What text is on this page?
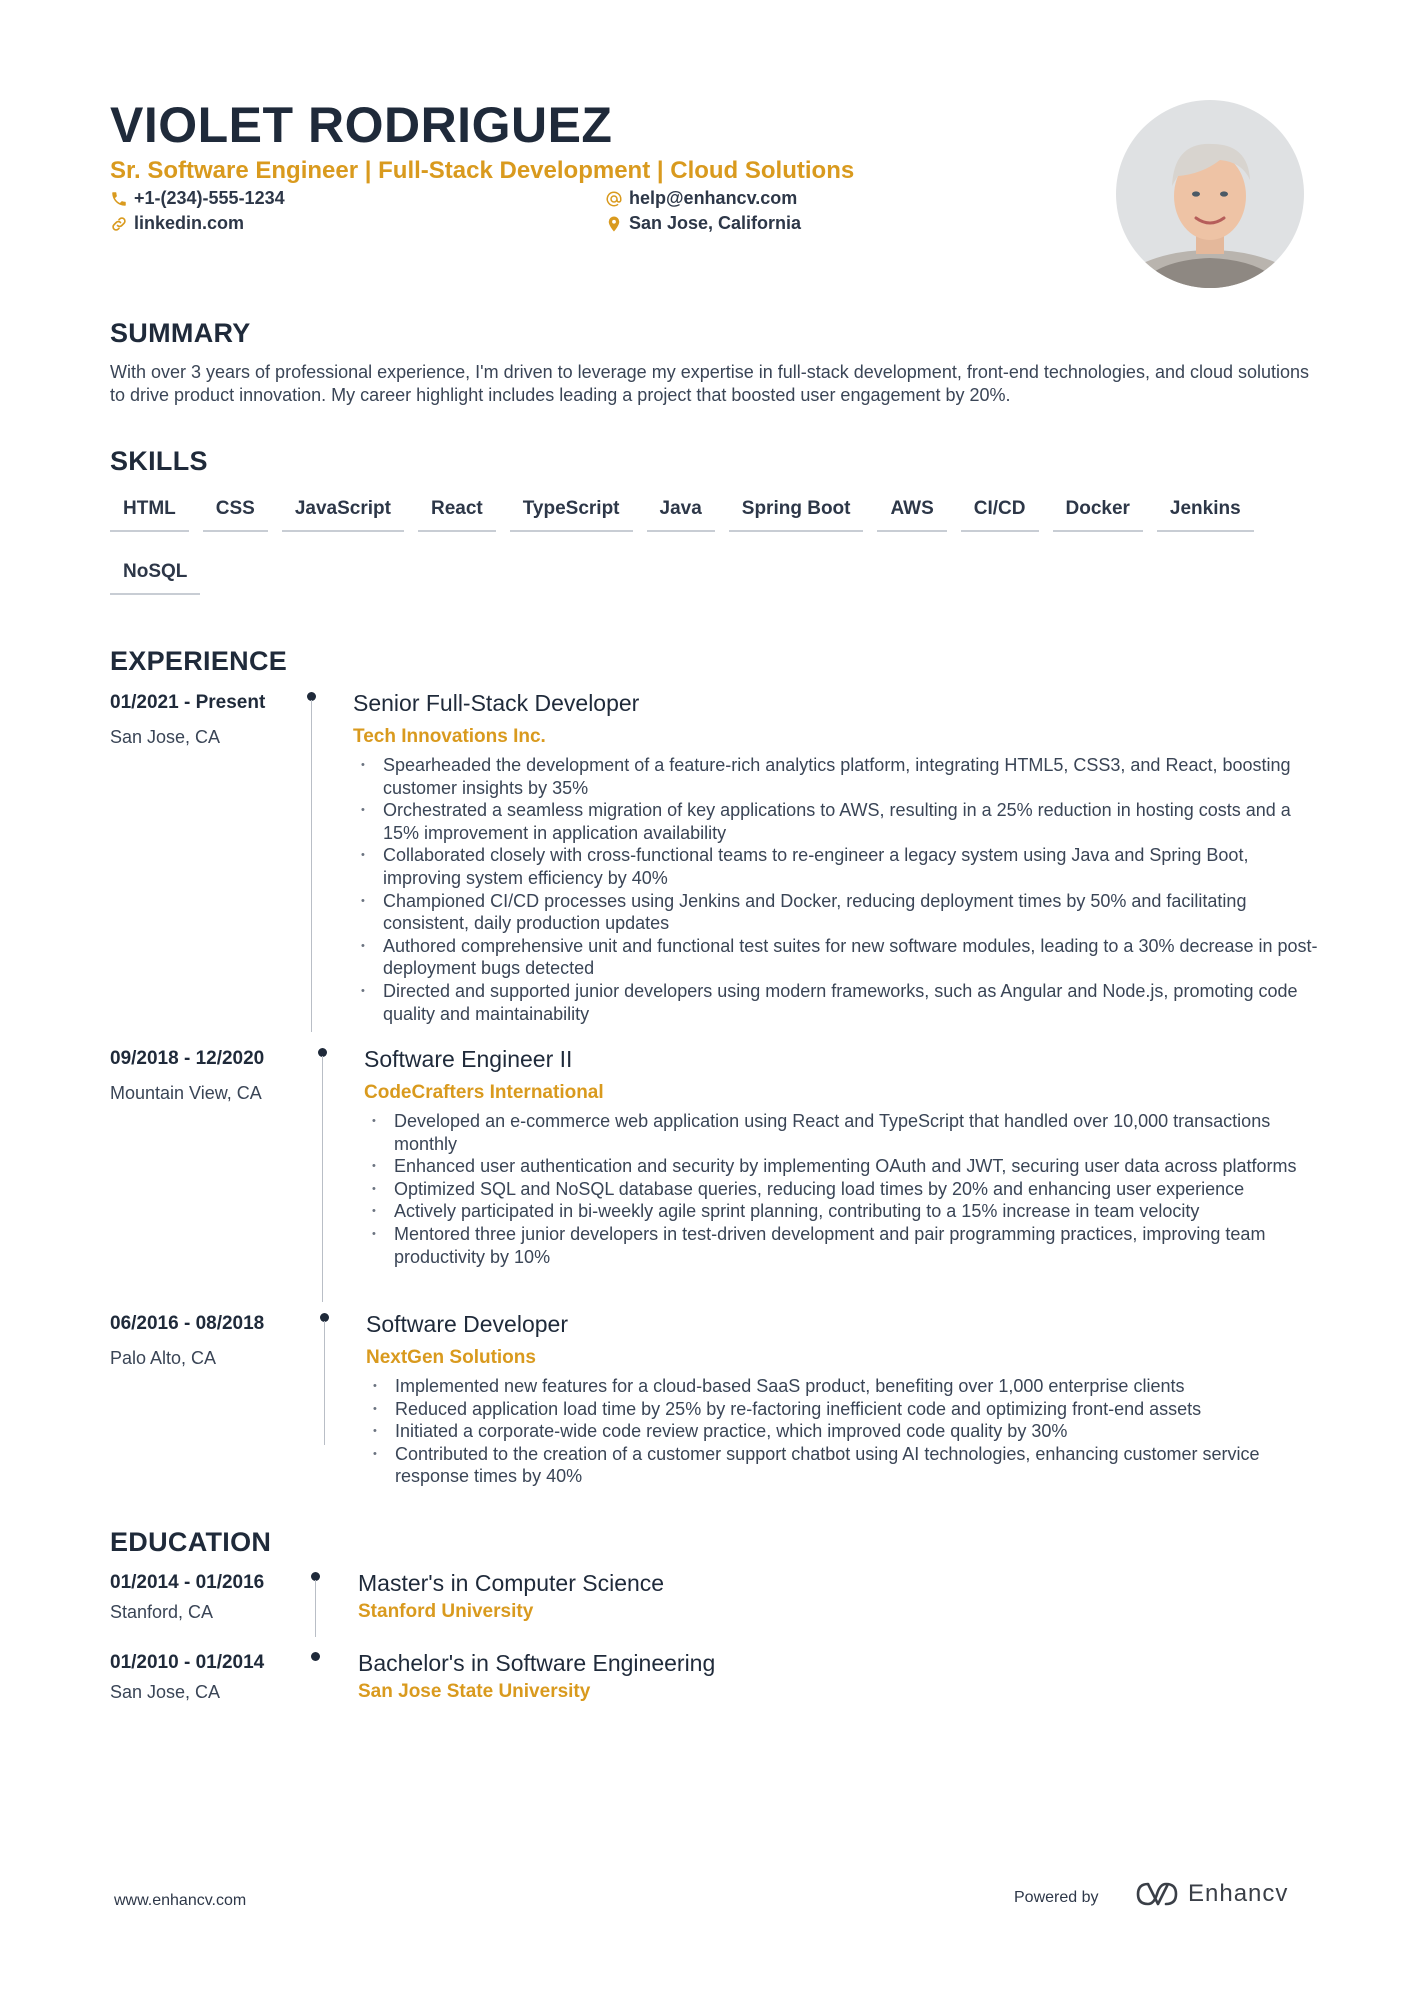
VIOLET RODRIGUEZ
Sr. Software Engineer | Full-Stack Development | Cloud Solutions
+1-(234)-555-1234
linkedin.com
help@enhancv.com
San Jose, California
SUMMARY
With over 3 years of professional experience, I'm driven to leverage my expertise in full-stack development, front-end technologies, and cloud solutions to drive product innovation. My career highlight includes leading a project that boosted user engagement by 20%.
SKILLS
HTML	CSS	JavaScript	React	TypeScript	Java	Spring Boot	AWS	CI/CD	Docker	Jenkins
NoSQL
EXPERIENCE
01/2021 - Present
San Jose, CA
Senior Full-Stack Developer
Tech Innovations Inc.
• Spearheaded the development of a feature-rich analytics platform, integrating HTML5, CSS3, and React, boosting customer insights by 35%
• Orchestrated a seamless migration of key applications to AWS, resulting in a 25% reduction in hosting costs and a 15% improvement in application availability
• Collaborated closely with cross-functional teams to re-engineer a legacy system using Java and Spring Boot, improving system efficiency by 40%
• Championed CI/CD processes using Jenkins and Docker, reducing deployment times by 50% and facilitating consistent, daily production updates
• Authored comprehensive unit and functional test suites for new software modules, leading to a 30% decrease in post-deployment bugs detected
• Directed and supported junior developers using modern frameworks, such as Angular and Node.js, promoting code quality and maintainability
09/2018 - 12/2020
Mountain View, CA
Software Engineer II
CodeCrafters International
• Developed an e-commerce web application using React and TypeScript that handled over 10,000 transactions monthly
• Enhanced user authentication and security by implementing OAuth and JWT, securing user data across platforms
• Optimized SQL and NoSQL database queries, reducing load times by 20% and enhancing user experience
• Actively participated in bi-weekly agile sprint planning, contributing to a 15% increase in team velocity
• Mentored three junior developers in test-driven development and pair programming practices, improving team productivity by 10%
06/2016 - 08/2018
Palo Alto, CA
Software Developer
NextGen Solutions
• Implemented new features for a cloud-based SaaS product, benefiting over 1,000 enterprise clients
• Reduced application load time by 25% by re-factoring inefficient code and optimizing front-end assets
• Initiated a corporate-wide code review practice, which improved code quality by 30%
• Contributed to the creation of a customer support chatbot using AI technologies, enhancing customer service response times by 40%
EDUCATION
01/2014 - 01/2016
Stanford, CA
Master's in Computer Science
Stanford University
01/2010 - 01/2014
San Jose, CA
Bachelor's in Software Engineering
San Jose State University
www.enhancv.com	Powered by	Enhancv
